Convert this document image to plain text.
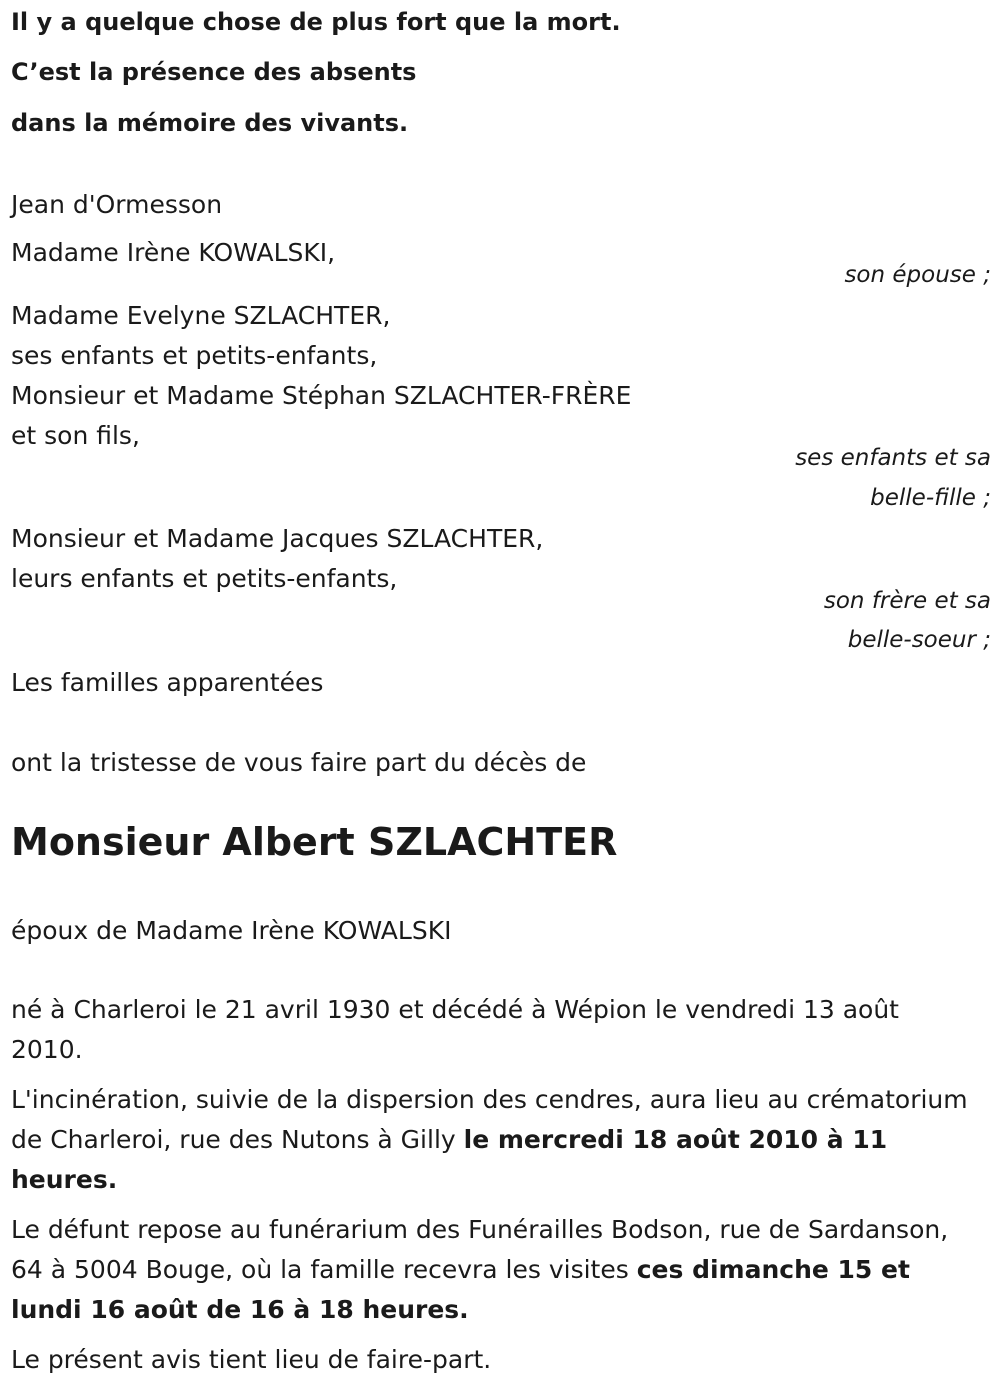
Il y a quelque chose de plus fort que la mort.
C’est la présence des absents
dans la mémoire des vivants.
Jean d'Ormesson
Madame Irène KOWALSKI,
son épouse ;
Madame Evelyne SZLACHTER,
ses enfants et petits-enfants,
Monsieur et Madame Stéphan SZLACHTER-FRÈRE
et son fils,
ses enfants et sa
belle-fille ;
Monsieur et Madame Jacques SZLACHTER,
leurs enfants et petits-enfants,
son frère et sa
belle-soeur ;
Les familles apparentées
ont la tristesse de vous faire part du décès de
Monsieur Albert SZLACHTER
époux de Madame Irène KOWALSKI
né à Charleroi le 21 avril 1930 et décédé à Wépion le vendredi 13 août 2010.
L'incinération, suivie de la dispersion des cendres, aura lieu au crématorium de Charleroi, rue des Nutons à Gilly le mercredi 18 août 2010 à 11 heures.
Le défunt repose au funérarium des Funérailles Bodson, rue de Sardanson, 64 à 5004 Bouge, où la famille recevra les visites ces dimanche 15 et lundi 16 août de 16 à 18 heures.
Le présent avis tient lieu de faire-part.
